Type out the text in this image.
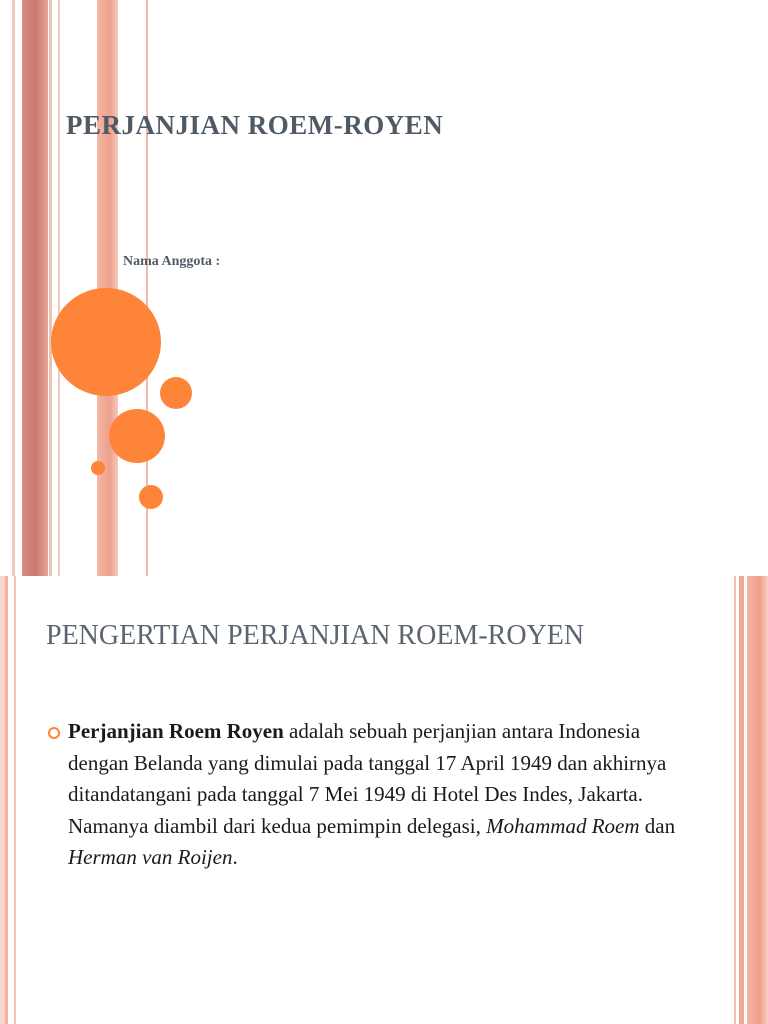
PERJANJIAN ROEM-ROYEN
Nama Anggota :
PENGERTIAN PERJANJIAN ROEM-ROYEN
Perjanjian Roem Royen adalah sebuah perjanjian antara Indonesia dengan Belanda yang dimulai pada tanggal 17 April 1949 dan akhirnya ditandatangani pada tanggal 7 Mei 1949 di Hotel Des Indes, Jakarta. Namanya diambil dari kedua pemimpin delegasi, Mohammad Roem dan Herman van Roijen.
